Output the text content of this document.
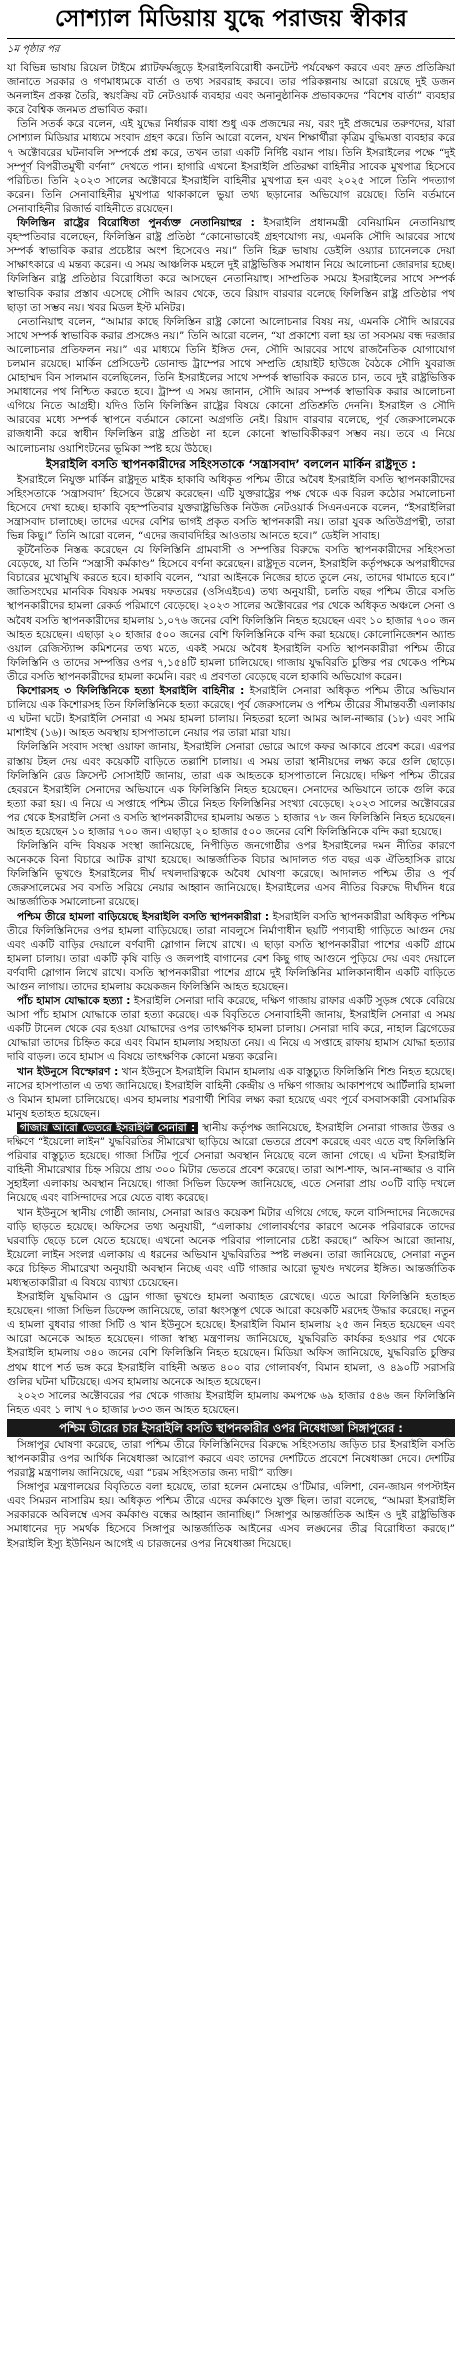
সোশ্যাল মিডিয়ায় যুদ্ধে পরাজয় স্বীকার
১ম পৃষ্ঠার পর

যা বিভিন্ন ভাষায় রিয়েল টাইমে প্ল্যাটফর্মজুড়ে ইসরাইলবিরোধী কনটেন্ট পর্যবেক্ষণ করবে এবং দ্রুত প্রতিক্রিয়া জানাতে সরকার ও গণমাধ্যমকে বার্তা ও তথ্য সরবরাহ করবে। তার পরিকল্পনায় আরো রয়েছে দুই ডজন অনলাইন প্রকল্প তৈরি, স্বয়ংক্রিয় বট নেটওয়ার্ক ব্যবহার এবং অনানুষ্ঠানিক প্রভাবকদের “বিশেষ বার্তা” ব্যবহার করে বৈশ্বিক জনমত প্রভাবিত করা।

তিনি সতর্ক করে বলেন, এই যুদ্ধের নির্ধারক বাধা শুধু এক প্রজন্মের নয়, বরং দুই প্রজন্মের তরুণদের, যারা সোশ্যাল মিডিয়ার মাধ্যমে সংবাদ গ্রহণ করে। তিনি আরো বলেন, যখন শিক্ষার্থীরা কৃত্রিম বুদ্ধিমত্তা ব্যবহার করে ৭ অক্টোবরের ঘটনাবলি সম্পর্কে প্রশ্ন করে, তখন তারা একটি নির্দিষ্ট বয়ান পায়। তিনি ইসরাইলের পক্ষে “দুই সম্পূর্ণ বিপরীতমুখী বর্ণনা” দেখতে পান। হাগারি এখনো ইসরাইলি প্রতিরক্ষা বাহিনীর সাবেক মুখপাত্র হিসেবে পরিচিত। তিনি ২০২৩ সালের অক্টোবরে ইসরাইলি বাহিনীর মুখপাত্র হন এবং ২০২৫ সালে তিনি পদত্যাগ করেন। তিনি সেনাবাহিনীর মুখপাত্র থাকাকালে ভুয়া তথ্য ছড়ানোর অভিযোগ রয়েছে। তিনি বর্তমানে সেনাবাহিনীর রিজার্ভ বাহিনীতে রয়েছেন।

ফিলিস্তিন রাষ্ট্রের বিরোধিতা পুনর্ব্যক্ত নেতানিয়াহুর : ইসরাইলি প্রধানমন্ত্রী বেনিয়ামিন নেতানিয়াহু বৃহস্পতিবার বলেছেন, ফিলিস্তিন রাষ্ট্র প্রতিষ্ঠা “কোনোভাবেই গ্রহণযোগ্য নয়, এমনকি সৌদি আরবের সাথে সম্পর্ক স্বাভাবিক করার প্রচেষ্টার অংশ হিসেবেও নয়।” তিনি হিব্রু ভাষায় ডেইলি ওয়্যার চ্যানেলকে দেয়া সাক্ষাৎকারে এ মন্তব্য করেন। এ সময় আঞ্চলিক মহলে দুই রাষ্ট্রভিত্তিক সমাধান নিয়ে আলোচনা জোরদার হচ্ছে। ফিলিস্তিন রাষ্ট্র প্রতিষ্ঠার বিরোধিতা করে আসছেন নেতানিয়াহু। সাম্প্রতিক সময়ে ইসরাইলের সাথে সম্পর্ক স্বাভাবিক করার প্রস্তাব এসেছে সৌদি আরব থেকে, তবে রিয়াদ বারবার বলেছে ফিলিস্তিন রাষ্ট্র প্রতিষ্ঠার পথ ছাড়া তা সম্ভব নয়। খবর মিডল ইস্ট মনিটর।

নেতানিয়াহু বলেন, “আমার কাছে ফিলিস্তিন রাষ্ট্র কোনো আলোচনার বিষয় নয়, এমনকি সৌদি আরবের সাথে সম্পর্ক স্বাভাবিক করার প্রসঙ্গেও নয়।” তিনি আরো বলেন, “যা প্রকাশ্যে বলা হয় তা সবসময় বন্ধ দরজার আলোচনার প্রতিফলন নয়।” এর মাধ্যমে তিনি ইঙ্গিত দেন, সৌদি আরবের সাথে রাজনৈতিক যোগাযোগ চলমান রয়েছে। মার্কিন প্রেসিডেন্ট ডোনাল্ড ট্রাম্পের সাথে সম্প্রতি হোয়াইট হাউজে বৈঠকে সৌদি যুবরাজ মোহাম্মদ বিন সালমান বলেছিলেন, তিনি ইসরাইলের সাথে সম্পর্ক স্বাভাবিক করতে চান, তবে দুই রাষ্ট্রভিত্তিক সমাধানের পথ নিশ্চিত করতে হবে। ট্রাম্প এ সময় জানান, সৌদি আরব সম্পর্ক স্বাভাবিক করার আলোচনা এগিয়ে নিতে আগ্রহী। যদিও তিনি ফিলিস্তিন রাষ্ট্রের বিষয়ে কোনো প্রতিশ্রুতি দেননি। ইসরাইল ও সৌদি আরবের মধ্যে সম্পর্ক স্থাপনে বর্তমানে কোনো অগ্রগতি নেই। রিয়াদ বারবার বলেছে, পূর্ব জেরুসালেমকে রাজধানী করে স্বাধীন ফিলিস্তিন রাষ্ট্র প্রতিষ্ঠা না হলে কোনো স্বাভাবিকীকরণ সম্ভব নয়। তবে এ নিয়ে আলোচনায় ওয়াশিংটনের ভূমিকা স্পষ্ট হয়ে উঠছে।

ইসরাইলি বসতি স্থাপনকারীদের সহিংসতাকে ‘সন্ত্রাসবাদ’ বললেন মার্কিন রাষ্ট্রদূত :

ইসরাইলে নিযুক্ত মার্কিন রাষ্ট্রদূত মাইক হাকাবি অধিকৃত পশ্চিম তীরে অবৈধ ইসরাইলি বসতি স্থাপনকারীদের সহিংসতাকে ‘সন্ত্রাসবাদ’ হিসেবে উল্লেখ করেছেন। এটি যুক্তরাষ্ট্রের পক্ষ থেকে এক বিরল কঠোর সমালোচনা হিসেবে দেখা হচ্ছে। হাকাবি বৃহস্পতিবার যুক্তরাষ্ট্রভিত্তিক নিউজ নেটওয়ার্ক সিএনএনকে বলেন, “ইসরাইলিরা সন্ত্রাসবাদ চালাচ্ছে। তাদের এদের বেশির ভাগই প্রকৃত বসতি স্থাপনকারী নয়। তারা যুবক অতিউগ্রপন্থী, তারা ভিন্ন কিছু।” তিনি আরো বলেন, “এদের জবাবদিহির আওতায় আনতে হবে।” ডেইলি সাবাহ।

কূটনৈতিক নিস্তব্ধ করেছেন যে ফিলিস্তিনি গ্রামবাসী ও সম্পত্তির বিরুদ্ধে বসতি স্থাপনকারীদের সহিংসতা বেড়েছে, যা তিনি “সন্ত্রাসী কর্মকাণ্ড” হিসেবে বর্ণনা করেছেন। রাষ্ট্রদূত বলেন, ইসরাইলি কর্তৃপক্ষকে অপরাধীদের বিচারের মুখোমুখি করতে হবে। হাকাবি বলেন, “যারা আইনকে নিজের হাতে তুলে নেয়, তাদের থামাতে হবে।” জাতিসংঘের মানবিক বিষয়ক সমন্বয় দফতরের (ওসিএইচএ) তথ্য অনুযায়ী, চলতি বছর পশ্চিম তীরে বসতি স্থাপনকারীদের হামলা রেকর্ড পরিমাণে বেড়েছে। ২০২৩ সালের অক্টোবরের পর থেকে অধিকৃত অঞ্চলে সেনা ও অবৈধ বসতি স্থাপনকারীদের হামলায় ১,০৭৬ জনের বেশি ফিলিস্তিনি নিহত হয়েছেন এবং ১০ হাজার ৭০০ জন আহত হয়েছেন। এছাড়া ২০ হাজার ৫০০ জনের বেশি ফিলিস্তিনিকে বন্দি করা হয়েছে। কোলোনিজেশন অ্যান্ড ওয়াল রেজিস্ট্যান্স কমিশনের তথ্য মতে, একই সময়ে অবৈধ ইসরাইলি বসতি স্থাপনকারীরা পশ্চিম তীরে ফিলিস্তিনি ও তাদের সম্পত্তির ওপর ৭,১৫৪টি হামলা চালিয়েছে। গাজায় যুদ্ধবিরতি চুক্তির পর থেকেও পশ্চিম তীরে বসতি স্থাপনকারীদের হামলা কমেনি। বরং এ প্রবণতা বেড়েছে বলে হাকাবি অভিযোগ করেন।

কিশোরসহ ৩ ফিলিস্তিনিকে হত্যা ইসরাইলি বাহিনীর : ইসরাইলি সেনারা অধিকৃত পশ্চিম তীরে অভিযান চালিয়ে এক কিশোরসহ তিন ফিলিস্তিনিকে হত্যা করেছে। পূর্ব জেরুসালেম ও পশ্চিম তীরের সীমান্তবর্তী এলাকায় এ ঘটনা ঘটে। ইসরাইলি সেনারা এ সময় হামলা চালায়। নিহতরা হলো আমর আল-নাজ্জার (১৮) এবং সামি মাশাইখ (১৬)। আহত অবস্থায় হাসপাতালে নেয়ার পর তারা মারা যায়।

ফিলিস্তিনি সংবাদ সংস্থা ওয়াফা জানায়, ইসরাইলি সেনারা ভোরে আগে কফর আকাবে প্রবেশ করে। এরপর রাস্তায় টহল দেয় এবং কয়েকটি বাড়িতে তল্লাশি চালায়। এ সময় তারা স্থানীয়দের লক্ষ্য করে গুলি ছোড়ে। ফিলিস্তিনি রেড ক্রিসেন্ট সোসাইটি জানায়, তারা এক আহতকে হাসপাতালে নিয়েছে। দক্ষিণ পশ্চিম তীরের হেবরনে ইসরাইলি সেনাদের অভিযানে এক ফিলিস্তিনি নিহত হয়েছেন। সেনাদের অভিযানে তাকে গুলি করে হত্যা করা হয়। এ নিয়ে এ সপ্তাহে পশ্চিম তীরে নিহত ফিলিস্তিনির সংখ্যা বেড়েছে। ২০২৩ সালের অক্টোবরের পর থেকে ইসরাইলি সেনা ও বসতি স্থাপনকারীদের হামলায় অন্তত ১ হাজার ৭৮ জন ফিলিস্তিনি নিহত হয়েছেন। আহত হয়েছেন ১০ হাজার ৭০০ জন। এছাড়া ২০ হাজার ৫০০ জনের বেশি ফিলিস্তিনিকে বন্দি করা হয়েছে।

ফিলিস্তিনি বন্দি বিষয়ক সংস্থা জানিয়েছে, নিপীড়িত জনগোষ্ঠীর ওপর ইসরাইলের দমন নীতির কারণে অনেককে বিনা বিচারে আটক রাখা হয়েছে। আন্তর্জাতিক বিচার আদালত গত বছর এক ঐতিহাসিক রায়ে ফিলিস্তিনি ভূখণ্ডে ইসরাইলের দীর্ঘ দখলদারিত্বকে অবৈধ ঘোষণা করেছে। আদালত পশ্চিম তীর ও পূর্ব জেরুসালেমের সব বসতি সরিয়ে নেয়ার আহ্বান জানিয়েছে। ইসরাইলের এসব নীতির বিরুদ্ধে দীর্ঘদিন ধরে আন্তর্জাতিক সমালোচনা রয়েছে।

পশ্চিম তীরে হামলা বাড়িয়েছে ইসরাইলি বসতি স্থাপনকারীরা : ইসরাইলি বসতি স্থাপনকারীরা অধিকৃত পশ্চিম তীরে ফিলিস্তিনিদের ওপর হামলা বাড়িয়েছে। তারা নাবলুসে নির্মাণাধীন ছয়টি পণ্যবাহী গাড়িতে আগুন দেয় এবং একটি বাড়ির দেয়ালে বর্ণবাদী স্লোগান লিখে রাখে। এ ছাড়া বসতি স্থাপনকারীরা পাশের একটি গ্রামে হামলা চালায়। তারা একটি কৃষি বাড়ি ও জলপাই বাগানের বেশ কিছু গাছ আগুনে পুড়িয়ে দেয় এবং দেয়ালে বর্ণবাদী স্লোগান লিখে রাখে। বসতি স্থাপনকারীরা পাশের গ্রামে দুই ফিলিস্তিনির মালিকানাধীন একটি বাড়িতে আগুন লাগায়। তাদের হামলায় কয়েকজন ফিলিস্তিনি আহত হয়েছেন।

পাঁচ হামাস যোদ্ধাকে হত্যা : ইসরাইলি সেনারা দাবি করেছে, দক্ষিণ গাজায় রাফার একটি সুড়ঙ্গ থেকে বেরিয়ে আসা পাঁচ হামাস যোদ্ধাকে তারা হত্যা করেছে। এক বিবৃতিতে সেনাবাহিনী জানায়, ইসরাইলি সেনারা এ সময় একটি টানেল থেকে বের হওয়া যোদ্ধাদের ওপর তাৎক্ষণিক হামলা চালায়। সেনারা দাবি করে, নাহাল ব্রিগেডের যোদ্ধারা তাদের চিহ্নিত করে এবং বিমান হামলায় সহায়তা নেয়। এ নিয়ে এ সপ্তাহে রাফায় হামাস যোদ্ধা হত্যার দাবি বাড়ল। তবে হামাস এ বিষয়ে তাৎক্ষণিক কোনো মন্তব্য করেনি।

খান ইউনুসে বিস্ফোরণ : খান ইউনুসে ইসরাইলি বিমান হামলায় এক বাস্তুচ্যুত ফিলিস্তিনি শিশু নিহত হয়েছে। নাসের হাসপাতাল এ তথ্য জানিয়েছে। ইসরাইলি বাহিনী কেন্দ্রীয় ও দক্ষিণ গাজায় আকাশপথে আর্টিলারি হামলা ও বিমান হামলা চালিয়েছে। এসব হামলায় শরণার্থী শিবির লক্ষ্য করা হয়েছে এবং পূর্বে বসবাসকারী বেসামরিক মানুষ হতাহত হয়েছেন।

গাজায় আরো ভেতরে ইসরাইলি সেনারা : স্থানীয় কর্তৃপক্ষ জানিয়েছে, ইসরাইলি সেনারা গাজার উত্তর ও দক্ষিণে “ইয়েলো লাইন” যুদ্ধবিরতির সীমারেখা ছাড়িয়ে আরো ভেতরে প্রবেশ করেছে এবং এতে বহু ফিলিস্তিনি পরিবার বাস্তুচ্যুত হয়েছে। গাজা সিটির পূর্বে সেনারা অবস্থান নিয়েছে বলে জানা গেছে। এ ঘটনা ইসরাইলি বাহিনী সীমারেখার চিহ্ন সরিয়ে প্রায় ৩০০ মিটার ভেতরে প্রবেশ করেছে। তারা আশ-শাফ, আন-নাজ্জার ও বানি সুহাইলা এলাকায় অবস্থান নিয়েছে। গাজা সিভিল ডিফেন্স জানিয়েছে, এতে সেনারা প্রায় ৩০টি বাড়ি দখলে নিয়েছে এবং বাসিন্দাদের সরে যেতে বাধ্য করেছে।

খান ইউনুসে স্থানীয় গোষ্ঠী জানায়, সেনারা আরও কয়েকশ মিটার এগিয়ে গেছে, ফলে বাসিন্দাদের নিজেদের বাড়ি ছাড়তে হয়েছে। অফিসের তথ্য অনুযায়ী, “এলাকায় গোলাবর্ষণের কারণে অনেক পরিবারকে তাদের ঘরবাড়ি ছেড়ে চলে যেতে হয়েছে। এখনো অনেক পরিবার পালানোর চেষ্টা করছে।” অফিস আরো জানায়, ইয়েলো লাইন সংলগ্ন এলাকায় এ ধরনের অভিযান যুদ্ধবিরতির স্পষ্ট লঙ্ঘন। তারা জানিয়েছে, সেনারা নতুন করে চিহ্নিত সীমারেখা অনুযায়ী অবস্থান নিচ্ছে এবং এটি গাজার আরো ভূখণ্ড দখলের ইঙ্গিত। আন্তর্জাতিক মধ্যস্থতাকারীরা এ বিষয়ে ব্যাখ্যা চেয়েছেন।

ইসরাইলি যুদ্ধবিমান ও ড্রোন গাজা ভূখণ্ডে হামলা অব্যাহত রেখেছে। এতে আরো ফিলিস্তিনি হতাহত হয়েছেন। গাজা সিভিল ডিফেন্স জানিয়েছে, তারা ধ্বংসস্তূপ থেকে আরো কয়েকটি মরদেহ উদ্ধার করেছে। নতুন এ হামলা বুধবার গাজা সিটি ও খান ইউনুসে হয়েছে। ইসরাইলি বিমান হামলায় ২৫ জন নিহত হয়েছেন এবং আরো অনেকে আহত হয়েছেন। গাজা স্বাস্থ্য মন্ত্রণালয় জানিয়েছে, যুদ্ধবিরতি কার্যকর হওয়ার পর থেকে ইসরাইলি হামলায় ৩৪০ জনের বেশি ফিলিস্তিনি নিহত হয়েছেন। মিডিয়া অফিস জানিয়েছে, যুদ্ধবিরতি চুক্তির প্রথম ধাপে শর্ত ভঙ্গ করে ইসরাইলি বাহিনী অন্তত ৪০০ বার গোলাবর্ষণ, বিমান হামলা, ও ৪৯০টি সরাসরি গুলির ঘটনা ঘটিয়েছে। এসব হামলায় অনেকে আহত হয়েছেন।

২০২৩ সালের অক্টোবরের পর থেকে গাজায় ইসরাইলি হামলায় কমপক্ষে ৬৯ হাজার ৫৪৬ জন ফিলিস্তিনি নিহত এবং ১ লাখ ৭০ হাজার ৮৩৩ জন আহত হয়েছেন।

পশ্চিম তীরের চার ইসরাইলি বসতি স্থাপনকারীর ওপর নিষেধাজ্ঞা সিঙ্গাপুরের :

সিঙ্গাপুর ঘোষণা করেছে, তারা পশ্চিম তীরে ফিলিস্তিনিদের বিরুদ্ধে সহিংসতায় জড়িত চার ইসরাইলি বসতি স্থাপনকারীর ওপর আর্থিক নিষেধাজ্ঞা আরোপ করবে এবং তাদের দেশটিতে প্রবেশে নিষেধাজ্ঞা দেবে। দেশটির পররাষ্ট্র মন্ত্রণালয় জানিয়েছে, এরা “চরম সহিংসতার জন্য দায়ী” ব্যক্তি।

সিঙ্গাপুর মন্ত্রণালয়ের বিবৃতিতে বলা হয়েছে, তারা হলেন মেনাহেম ও’টিমার, এলিশা, বেন-জায়ন গপস্টাইন এবং সিমরন নাসারিম হয়। অধিকৃত পশ্চিম তীরে এদের কর্মকাণ্ডে যুক্ত ছিল। তারা বলেছে, “আমরা ইসরাইলি সরকারকে অবিলম্বে এসব কর্মকাণ্ড বন্ধের আহ্বান জানাচ্ছি।” সিঙ্গাপুর আন্তর্জাতিক আইন ও দুই রাষ্ট্রভিত্তিক সমাধানের দৃঢ় সমর্থক হিসেবে সিঙ্গাপুর আন্তর্জাতিক আইনের এসব লঙ্ঘনের তীব্র বিরোধিতা করছে।” ইসরাইলি ইস্যু ইউনিয়ন আগেই এ চারজনের ওপর নিষেধাজ্ঞা দিয়েছে।
